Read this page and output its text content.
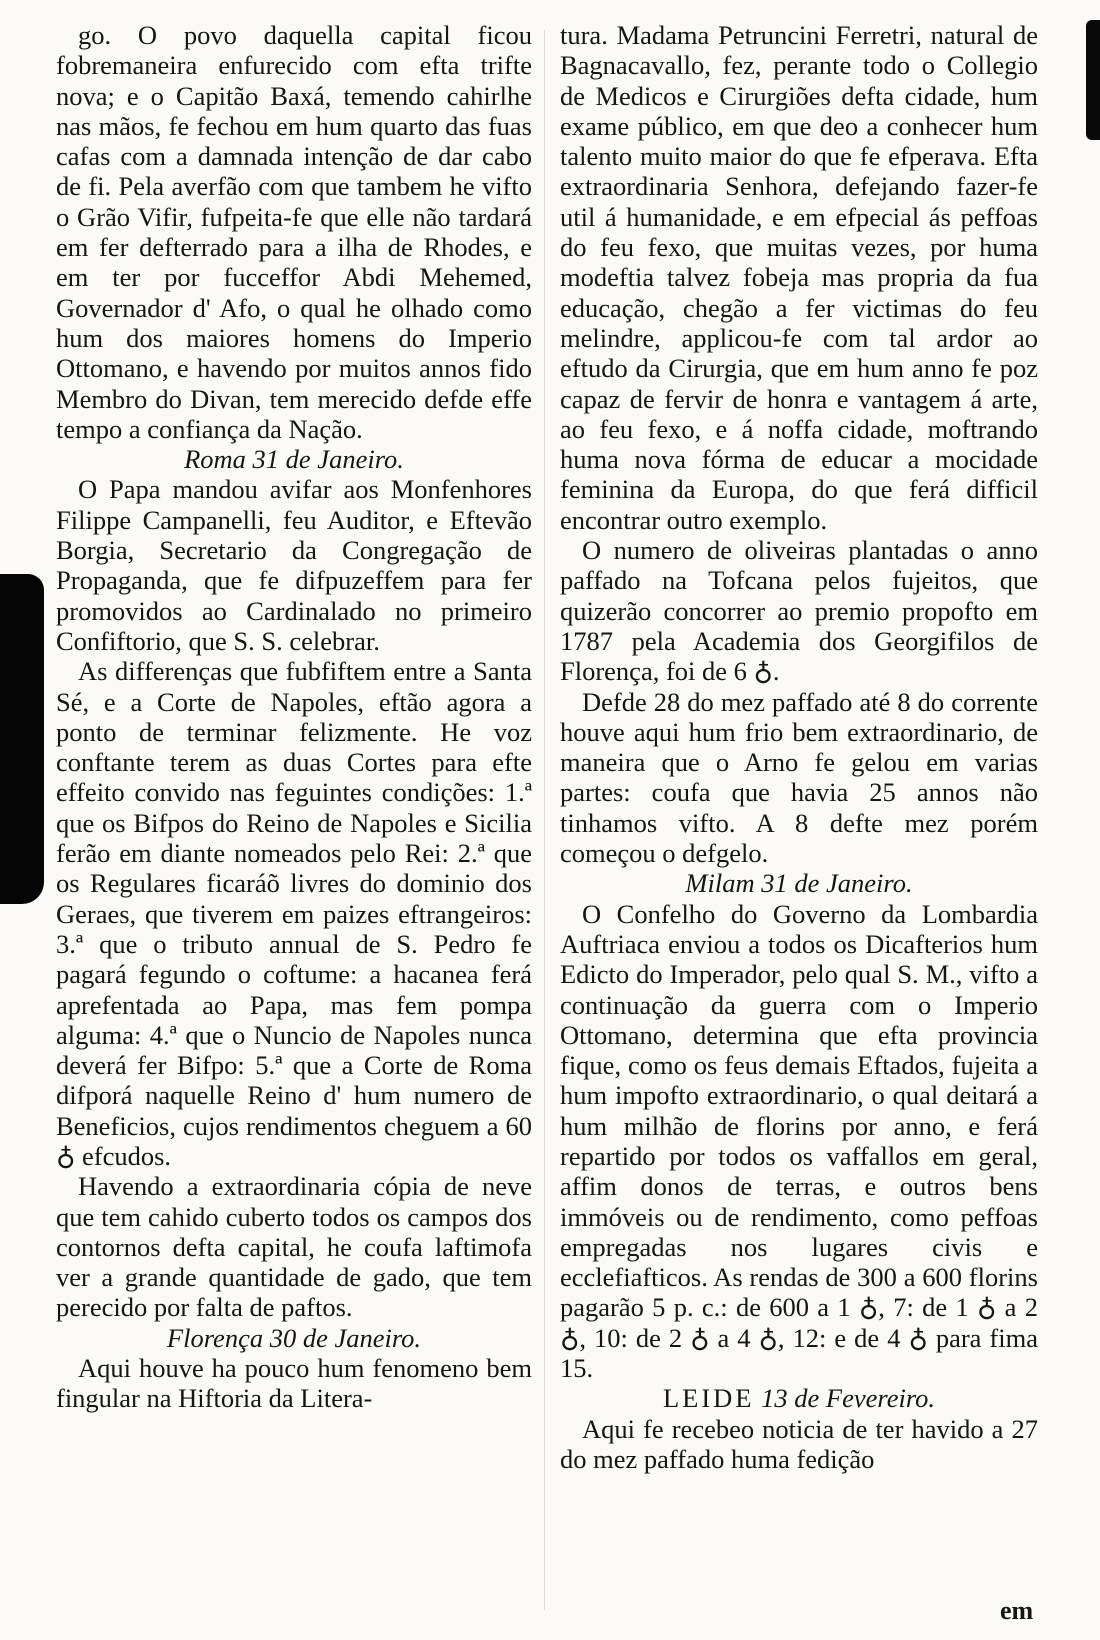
go. O povo daquella capital ficou fobremaneira enfurecido com efta trifte nova; e o Capitão Baxá, temendo cahirlhe nas mãos, fe fechou em hum quarto das fuas cafas com a damnada intenção de dar cabo de fi. Pela averfão com que tambem he vifto o Grão Vifir, fufpeita-fe que elle não tardará em fer defterrado para a ilha de Rhodes, e em ter por fucceffor Abdi Mehemed, Governador d' Afo, o qual he olhado como hum dos maiores homens do Imperio Ottomano, e havendo por muitos annos fido Membro do Divan, tem merecido defde effe tempo a confiança da Nação.

Roma 31 de Janeiro.

O Papa mandou avifar aos Monfenhores Filippe Campanelli, feu Auditor, e Eftevão Borgia, Secretario da Congregação de Propaganda, que fe difpuzeffem para fer promovidos ao Cardinalado no primeiro Confiftorio, que S. S. celebrar.

As differenças que fubfiftem entre a Santa Sé, e a Corte de Napoles, eftão agora a ponto de terminar felizmente. He voz conftante terem as duas Cortes para efte effeito convido nas feguintes condições: 1.ª que os Bifpos do Reino de Napoles e Sicilia ferão em diante nomeados pelo Rei: 2.ª que os Regulares ficaráõ livres do dominio dos Geraes, que tiverem em paizes eftrangeiros: 3.ª que o tributo annual de S. Pedro fe pagará fegundo o coftume: a hacanea ferá aprefentada ao Papa, mas fem pompa alguma: 4.ª que o Nuncio de Napoles nunca deverá fer Bifpo: 5.ª que a Corte de Roma difporá naquelle Reino d' hum numero de Beneficios, cujos rendimentos cheguem a 60 ♁ efcudos.

Havendo a extraordinaria cópia de neve que tem cahido cuberto todos os campos dos contornos defta capital, he coufa laftimofa ver a grande quantidade de gado, que tem perecido por falta de paftos.

Florença 30 de Janeiro.

Aqui houve ha pouco hum fenomeno bem fingular na Hiftoria da Litera-

tura. Madama Petruncini Ferretri, natural de Bagnacavallo, fez, perante todo o Collegio de Medicos e Cirurgiões defta cidade, hum exame público, em que deo a conhecer hum talento muito maior do que fe efperava. Efta extraordinaria Senhora, defejando fazer-fe util á humanidade, e em efpecial ás peffoas do feu fexo, que muitas vezes, por huma modeftia talvez fobeja mas propria da fua educação, chegão a fer victimas do feu melindre, applicou-fe com tal ardor ao eftudo da Cirurgia, que em hum anno fe poz capaz de fervir de honra e vantagem á arte, ao feu fexo, e á noffa cidade, moftrando huma nova fórma de educar a mocidade feminina da Europa, do que ferá difficil encontrar outro exemplo.

O numero de oliveiras plantadas o anno paffado na Tofcana pelos fujeitos, que quizerão concorrer ao premio propofto em 1787 pela Academia dos Georgifilos de Florença, foi de 6 ♁.

Defde 28 do mez paffado até 8 do corrente houve aqui hum frio bem extraordinario, de maneira que o Arno fe gelou em varias partes: coufa que havia 25 annos não tinhamos vifto. A 8 defte mez porém começou o defgelo.

Milam 31 de Janeiro.

O Confelho do Governo da Lombardia Auftriaca enviou a todos os Dicafterios hum Edicto do Imperador, pelo qual S. M., vifto a continuação da guerra com o Imperio Ottomano, determina que efta provincia fique, como os feus demais Eftados, fujeita a hum impofto extraordinario, o qual deitará a hum milhão de florins por anno, e ferá repartido por todos os vaffallos em geral, affim donos de terras, e outros bens immóveis ou de rendimento, como peffoas empregadas nos lugares civis e ecclefiafticos. As rendas de 300 a 600 florins pagarão 5 p. c.: de 600 a 1 ♁, 7: de 1 ♁ a 2 ♁, 10: de 2 ♁ a 4 ♁, 12: e de 4 ♁ para fima 15.

LEIDE 13 de Fevereiro.

Aqui fe recebeo noticia de ter havido a 27 do mez paffado huma fedição

em
